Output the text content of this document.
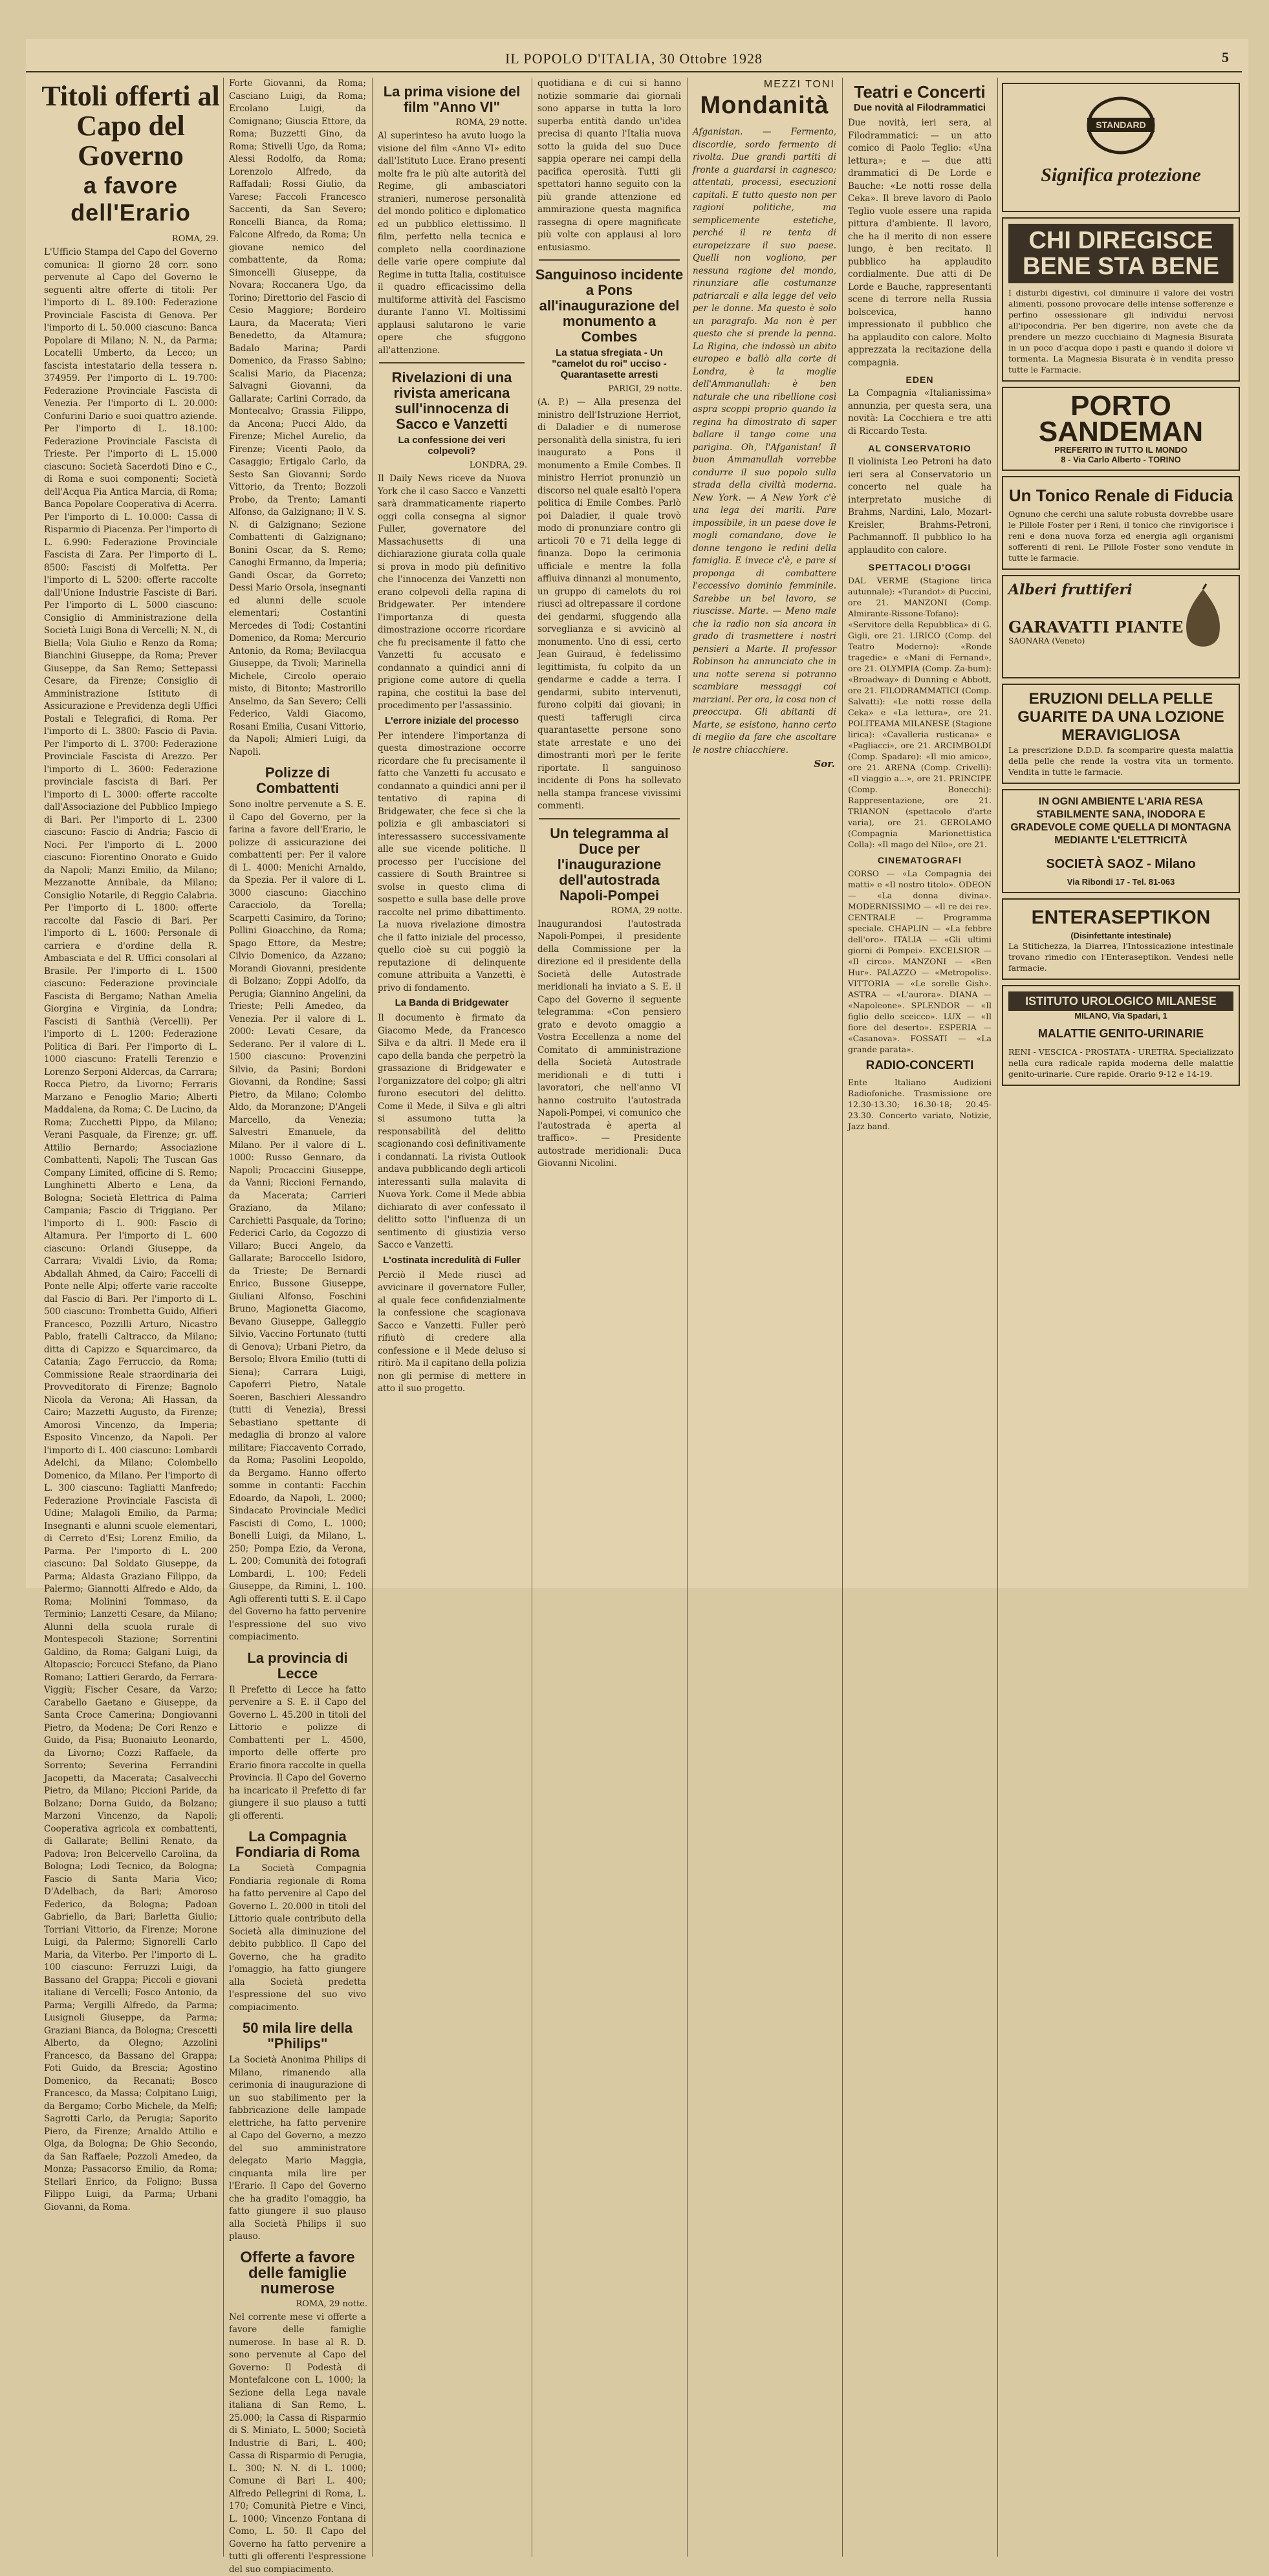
IL POPOLO D'ITALIA, 30 Ottobre 1928	5
Titoli offerti al Capo del Governo
a favore dell'Erario
ROMA, 29.
L'Ufficio Stampa del Capo del Governo comunica: Il giorno 28 corr. sono pervenute al Capo del Governo le seguenti altre offerte di titoli: Per l'importo di L. 89.100: Federazione Provinciale Fascista di Genova. Per l'importo di L. 50.000 ciascuno: Banca Popolare di Milano; N. N., da Parma; Locatelli Umberto, da Lecco; un fascista intestatario della tessera n. 374959. Per l'importo di L. 19.700: Federazione Provinciale Fascista di Venezia. Per l'importo di L. 20.000: Confurini Dario e suoi quattro aziende. Per l'importo di L. 18.100: Federazione Provinciale Fascista di Trieste. Per l'importo di L. 15.000 ciascuno: Società Sacerdoti Dino e C., di Roma e suoi componenti; Società dell'Acqua Pia Antica Marcia, di Roma; Banca Popolare Cooperativa di Acerra. Per l'importo di L. 10.000: Cassa di Risparmio di Piacenza. Per l'importo di L. 6.990: Federazione Provinciale Fascista di Zara. Per l'importo di L. 8500: Fascisti di Molfetta. Per l'importo di L. 5200: offerte raccolte dall'Unione Industrie Fasciste di Bari. Per l'importo di L. 5000 ciascuno: Consiglio di Amministrazione della Società Luigi Bona di Vercelli; N. N., di Biella; Vola Giulio e Renzo da Roma; Bianchini Giuseppe, da Roma; Prever Giuseppe, da San Remo; Settepassi Cesare, da Firenze; Consiglio di Amministrazione Istituto di Assicurazione e Previdenza degli Uffici Postali e Telegrafici, di Roma. Per l'importo di L. 3800: Fascio di Pavia. Per l'importo di L. 3700: Federazione Provinciale Fascista di Arezzo. Per l'importo di L. 3600: Federazione provinciale fascista di Bari. Per l'importo di L. 3000: offerte raccolte dall'Associazione del Pubblico Impiego di Bari. Per l'importo di L. 2300 ciascuno: Fascio di Andria; Fascio di Noci. Per l'importo di L. 2000 ciascuno: Fiorentino Onorato e Guido da Napoli; Manzi Emilio, da Milano; Mezzanotte Annibale, da Milano; Consiglio Notarile, di Reggio Calabria. Per l'importo di L. 1800: offerte raccolte dal Fascio di Bari. Per l'importo di L. 1600: Personale di carriera e d'ordine della R. Ambasciata e del R. Uffici consolari al Brasile. Per l'importo di L. 1500 ciascuno: Federazione provinciale Fascista di Bergamo; Nathan Amelia Giorgina e Virginia, da Londra; Fascisti di Santhià (Vercelli). Per l'importo di L. 1200: Federazione Politica di Bari. Per l'importo di L. 1000 ciascuno: Fratelli Terenzio e Lorenzo Serponi Aldercas, da Carrara; Rocca Pietro, da Livorno; Ferraris Marzano e Fenoglio Mario; Alberti Maddalena, da Roma; C. De Lucino, da Roma; Zucchetti Pippo, da Milano; Verani Pasquale, da Firenze; gr. uff. Attilio Bernardo; Associazione Combattenti, Napoli; The Tuscan Gas Company Limited, officine di S. Remo; Lunghinetti Alberto e Lena, da Bologna; Società Elettrica di Palma Campania; Fascio di Triggiano. Per l'importo di L. 900: Fascio di Altamura. Per l'importo di L. 600 ciascuno: Orlandi Giuseppe, da Carrara; Vivaldi Livio, da Roma; Abdallah Ahmed, da Cairo; Faccelli di Ponte nelle Alpi; offerte varie raccolte dal Fascio di Bari. Per l'importo di L. 500 ciascuno: Trombetta Guido, Alfieri Francesco, Pozzilli Arturo, Nicastro Pablo, fratelli Caltracco, da Milano; ditta di Capizzo e Squarcimarco, da Catania; Zago Ferruccio, da Roma; Commissione Reale straordinaria dei Provveditorato di Firenze; Bagnolo Nicola da Verona; Ali Hassan, da Cairo; Mazzetti Augusto, da Firenze; Amorosi Vincenzo, da Imperia; Esposito Vincenzo, da Napoli. Per l'importo di L. 400 ciascuno: Lombardi Adelchi, da Milano; Colombello Domenico, da Milano. Per l'importo di L. 300 ciascuno: Tagliatti Manfredo; Federazione Provinciale Fascista di Udine; Malagoli Emilio, da Parma; Insegnanti e alunni scuole elementari, di Cerreto d'Esi; Lorenz Emilio, da Parma. Per l'importo di L. 200 ciascuno: Dal Soldato Giuseppe, da Parma; Aldasta Graziano Filippo, da Palermo; Giannotti Alfredo e Aldo, da Roma; Molinini Tommaso, da Terminio; Lanzetti Cesare, da Milano; Alunni della scuola rurale di Montespecoli Stazione; Sorrentini Galdino, da Roma; Galgani Luigi, da Altopascio; Forcucci Stefano, da Piano Romano; Lattieri Gerardo, da Ferrara-Viggiù; Fischer Cesare, da Varzo; Carabello Gaetano e Giuseppe, da Santa Croce Camerina; Dongiovanni Pietro, da Modena; De Cori Renzo e Guido, da Pisa; Buonaiuto Leonardo, da Livorno; Cozzi Raffaele, da Sorrento; Severina Ferrandini Jacopetti, da Macerata; Casalvecchi Pietro, da Milano; Piccioni Paride, da Bolzano; Dorna Guido, da Bolzano; Marzoni Vincenzo, da Napoli; Cooperativa agricola ex combattenti, di Gallarate; Bellini Renato, da Padova; Iron Belcervello Carolina, da Bologna; Lodi Tecnico, da Bologna; Fascio di Santa Maria Vico; D'Adelbach, da Bari; Amoroso Federico, da Bologna; Padoan Gabriello, da Bari; Barletta Giulio; Torriani Vittorio, da Firenze; Morone Luigi, da Palermo; Signorelli Carlo Maria, da Viterbo. Per l'importo di L. 100 ciascuno: Ferruzzi Luigi, da Bassano del Grappa; Piccoli e giovani italiane di Vercelli; Fosco Antonio, da Parma; Vergilli Alfredo, da Parma; Lusignoli Giuseppe, da Parma; Graziani Bianca, da Bologna; Crescetti Alberto, da Olegno; Azzolini Francesco, da Bassano del Grappa; Foti Guido, da Brescia; Agostino Domenico, da Recanati; Bosco Francesco, da Massa; Colpitano Luigi, da Bergamo; Corbo Michele, da Melfi; Sagrotti Carlo, da Perugia; Saporito Piero, da Firenze; Arnaldo Attilio e Olga, da Bologna; De Ghio Secondo, da San Raffaele; Pozzoli Amedeo, da Monza; Passacorso Emilio, da Roma; Stellari Enrico, da Foligno; Bussa Filippo Luigi, da Parma; Urbani Giovanni, da Roma.
Forte Giovanni, da Roma; Casciano Luigi, da Roma; Ercolano Luigi, da Comignano; Giuscia Ettore, da Roma; Buzzetti Gino, da Roma; Stivelli Ugo, da Roma; Alessi Rodolfo, da Roma; Lorenzolo Alfredo, da Raffadali; Rossi Giulio, da Varese; Faccoli Francesco Saccenti, da San Severo; Roncelli Bianca, da Roma; Falcone Alfredo, da Roma; Un giovane nemico del combattente, da Roma; Simoncelli Giuseppe, da Novara; Roccanera Ugo, da Torino; Direttorio del Fascio di Cesio Maggiore; Bordeiro Laura, da Macerata; Vieri Benedetto, da Altamura; Badalo Marina; Pardi Domenico, da Frasso Sabino; Scalisi Mario, da Piacenza; Salvagni Giovanni, da Gallarate; Carlini Corrado, da Montecalvo; Grassia Filippo, da Ancona; Pucci Aldo, da Firenze; Michel Aurelio, da Firenze; Vicenti Paolo, da Casaggio; Ertigalo Carlo, da Sesto San Giovanni; Sordo Vittorio, da Trento; Bozzoli Probo, da Trento; Lamanti Alfonso, da Galzignano; Il V. S. N. di Galzignano; Sezione Combattenti di Galzignano; Bonini Oscar, da S. Remo; Canoghi Ermanno, da Imperia; Gandi Oscar, da Gorreto; Dessi Mario Orsola, insegnanti ed alunni delle scuole elementari; Costantini Mercedes di Todi; Costantini Domenico, da Roma; Mercurio Antonio, da Roma; Bevilacqua Giuseppe, da Tivoli; Marinella Michele, Circolo operaio misto, di Bitonto; Mastrorillo Anselmo, da San Severo; Celli Federico, Valdi Giacomo, Rosani Emilia, Cusani Vittorio, da Napoli; Almieri Luigi, da Napoli.
Polizze di Combattenti
Sono inoltre pervenute a S. E. il Capo del Governo, per la farina a favore dell'Erario, le polizze di assicurazione dei combattenti per: Per il valore di L. 4000: Menichi Arnaldo, da Spezia. Per il valore di L. 3000 ciascuno: Giacchino Caracciolo, da Torella; Scarpetti Casimiro, da Torino; Pollini Gioacchino, da Roma; Spago Ettore, da Mestre; Cilvio Domenico, da Azzano; Morandi Giovanni, presidente di Bolzano; Zoppi Adolfo, da Perugia; Giannino Angelini, da Trieste; Pelli Amedeo, da Venezia. Per il valore di L. 2000: Levati Cesare, da Sederano. Per il valore di L. 1500 ciascuno: Provenzini Silvio, da Pasini; Bordoni Giovanni, da Rondine; Sassi Pietro, da Milano; Colombo Aldo, da Moranzone; D'Angeli Marcello, da Venezia; Salvestri Emanuele, da Milano. Per il valore di L. 1000: Russo Gennaro, da Napoli; Procaccini Giuseppe, da Vanni; Riccioni Fernando, da Macerata; Carrieri Graziano, da Milano; Carchietti Pasquale, da Torino; Federici Carlo, da Cogozzo di Villaro; Bucci Angelo, da Gallarate; Baroccello Isidoro, da Trieste; De Bernardi Enrico, Bussone Giuseppe, Giuliani Alfonso, Foschini Bruno, Magionetta Giacomo, Bevano Giuseppe, Galleggio Silvio, Vaccino Fortunato (tutti di Genova); Urbani Pietro, da Bersolo; Elvora Emilio (tutti di Siena); Carrara Luigi, Capoferri Pietro, Natale Soeren, Baschieri Alessandro (tutti di Venezia), Bressi Sebastiano spettante di medaglia di bronzo al valore militare; Fiaccavento Corrado, da Roma; Pasolini Leopoldo, da Bergamo. Hanno offerto somme in contanti: Facchin Edoardo, da Napoli, L. 2000; Sindacato Provinciale Medici Fascisti di Como, L. 1000; Bonelli Luigi, da Milano, L. 250; Pompa Ezio, da Verona, L. 200; Comunità dei fotografi Lombardi, L. 100; Fedeli Giuseppe, da Rimini, L. 100. Agli offerenti tutti S. E. il Capo del Governo ha fatto pervenire l'espressione del suo vivo compiacimento.
La provincia di Lecce
Il Prefetto di Lecce ha fatto pervenire a S. E. il Capo del Governo L. 45.200 in titoli del Littorio e polizze di Combattenti per L. 4500, importo delle offerte pro Erario finora raccolte in quella Provincia. Il Capo del Governo ha incaricato il Prefetto di far giungere il suo plauso a tutti gli offerenti.
La Compagnia Fondiaria di Roma
La Società Compagnia Fondiaria regionale di Roma ha fatto pervenire al Capo del Governo L. 20.000 in titoli del Littorio quale contributo della Società alla diminuzione del debito pubblico. Il Capo del Governo, che ha gradito l'omaggio, ha fatto giungere alla Società predetta l'espressione del suo vivo compiacimento.
50 mila lire della "Philips"
La Società Anonima Philips di Milano, rimanendo alla cerimonia di inaugurazione di un suo stabilimento per la fabbricazione delle lampade elettriche, ha fatto pervenire al Capo del Governo, a mezzo del suo amministratore delegato Mario Maggia, cinquanta mila lire per l'Erario. Il Capo del Governo che ha gradito l'omaggio, ha fatto giungere il suo plauso alla Società Philips il suo plauso.
Offerte a favore delle famiglie numerose
ROMA, 29 notte.
Nel corrente mese vi offerte a favore delle famiglie numerose. In base al R. D. sono pervenute al Capo del Governo: Il Podestà di Montefalcone con L. 1000; la Sezione della Lega navale italiana di San Remo, L. 25.000; la Cassa di Risparmio di S. Miniato, L. 5000; Società Industrie di Bari, L. 400; Cassa di Risparmio di Perugia, L. 300; N. N. di L. 1000; Comune di Bari L. 400; Alfredo Pellegrini di Roma, L. 170; Comunità Pietre e Vinci, L. 1000; Vincenzo Fontana di Como, L. 50. Il Capo del Governo ha fatto pervenire a tutti gli offerenti l'espressione del suo compiacimento.
La prima visione del film "Anno VI"
ROMA, 29 notte.
Al superinteso ha avuto luogo la visione del film «Anno VI» edito dall'Istituto Luce. Erano presenti molte fra le più alte autorità del Regime, gli ambasciatori stranieri, numerose personalità del mondo politico e diplomatico ed un pubblico elettissimo. Il film, perfetto nella tecnica e completo nella coordinazione delle varie opere compiute dal Regime in tutta Italia, costituisce il quadro efficacissimo della multiforme attività del Fascismo durante l'anno VI. Moltissimi applausi salutarono le varie opere che sfuggono all'attenzione.
Rivelazioni di una rivista americana sull'innocenza di Sacco e Vanzetti
La confessione dei veri colpevoli?
LONDRA, 29.
Il Daily News riceve da Nuova York che il caso Sacco e Vanzetti sarà drammaticamente riaperto oggi colla consegna al signor Fuller, governatore del Massachusetts di una dichiarazione giurata colla quale si prova in modo più definitivo che l'innocenza dei Vanzetti non erano colpevoli della rapina di Bridgewater. Per intendere l'importanza di questa dimostrazione occorre ricordare che fu precisamente il fatto che Vanzetti fu accusato e condannato a quindici anni di prigione come autore di quella rapina, che costituì la base del procedimento per l'assassinio.
L'errore iniziale del processo
Per intendere l'importanza di questa dimostrazione occorre ricordare che fu precisamente il fatto che Vanzetti fu accusato e condannato a quindici anni per il tentativo di rapina di Bridgewater, che fece sì che la polizia e gli ambasciatori si interessassero successivamente alle sue vicende politiche. Il processo per l'uccisione del cassiere di South Braintree si svolse in questo clima di sospetto e sulla base delle prove raccolte nel primo dibattimento. La nuova rivelazione dimostra che il fatto iniziale del processo, quello cioè su cui poggiò la reputazione di delinquente comune attribuita a Vanzetti, è privo di fondamento.
La Banda di Bridgewater
Il documento è firmato da Giacomo Mede, da Francesco Silva e da altri. Il Mede era il capo della banda che perpetrò la grassazione di Bridgewater e l'organizzatore del colpo; gli altri furono esecutori del delitto. Come il Mede, il Silva e gli altri si assumono tutta la responsabilità del delitto scagionando così definitivamente i condannati. La rivista Outlook andava pubblicando degli articoli interessanti sulla malavita di Nuova York. Come il Mede abbia dichiarato di aver confessato il delitto sotto l'influenza di un sentimento di giustizia verso Sacco e Vanzetti.
L'ostinata incredulità di Fuller
Perciò il Mede riuscì ad avvicinare il governatore Fuller, al quale fece confidenzialmente la confessione che scagionava Sacco e Vanzetti. Fuller però rifiutò di credere alla confessione e il Mede deluso si ritirò. Ma il capitano della polizia non gli permise di mettere in atto il suo progetto.
quotidiana e di cui si hanno notizie sommarie dai giornali sono apparse in tutta la loro superba entità dando un'idea precisa di quanto l'Italia nuova sotto la guida del suo Duce sappia operare nei campi della pacifica operosità. Tutti gli spettatori hanno seguito con la più grande attenzione ed ammirazione questa magnifica rassegna di opere magnificate più volte con applausi al loro entusiasmo.
Sanguinoso incidente a Pons all'inaugurazione del monumento a Combes
La statua sfregiata - Un "camelot du roi" ucciso - Quarantasette arresti
PARIGI, 29 notte.
(A. P.) — Alla presenza del ministro dell'Istruzione Herriot, di Daladier e di numerose personalità della sinistra, fu ieri inaugurato a Pons il monumento a Emile Combes. Il ministro Herriot pronunziò un discorso nel quale esaltò l'opera politica di Emile Combes. Parlò poi Daladier, il quale trovò modo di pronunziare contro gli articoli 70 e 71 della legge di finanza. Dopo la cerimonia ufficiale e mentre la folla affluiva dinnanzi al monumento, un gruppo di camelots du roi riuscì ad oltrepassare il cordone dei gendarmi, sfuggendo alla sorveglianza e si avvicinò al monumento. Uno di essi, certo Jean Guiraud, è fedelissimo legittimista, fu colpito da un gendarme e cadde a terra. I gendarmi, subito intervenuti, furono colpiti dai giovani; in questi tafferugli circa quarantasette persone sono state arrestate e uno dei dimostranti morì per le ferite riportate. Il sanguinoso incidente di Pons ha sollevato nella stampa francese vivissimi commenti.
Un telegramma al Duce per l'inaugurazione dell'autostrada Napoli-Pompei
ROMA, 29 notte.
Inaugurandosi l'autostrada Napoli-Pompei, il presidente della Commissione per la direzione ed il presidente della Società delle Autostrade meridionali ha inviato a S. E. il Capo del Governo il seguente telegramma: «Con pensiero grato e devoto omaggio a Vostra Eccellenza a nome del Comitato di amministrazione della Società Autostrade meridionali e di tutti i lavoratori, che nell'anno VI hanno costruito l'autostrada Napoli-Pompei, vi comunico che l'autostrada è aperta al traffico». — Presidente autostrade meridionali: Duca Giovanni Nicolini.
MEZZI TONI
Mondanità
Afganistan. — Fermento, discordie, sordo fermento di rivolta. Due grandi partiti di fronte a guardarsi in cagnesco; attentati, processi, esecuzioni capitali. E tutto questo non per ragioni politiche, ma semplicemente estetiche, perché il re tenta di europeizzare il suo paese. Quelli non vogliono, per nessuna ragione del mondo, rinunziare alle costumanze patriarcali e alla legge del velo per le donne. Ma questo è solo un paragrafo. Ma non è per questo che si prende la penna. La Rigina, che indossò un abito europeo e ballò alla corte di Londra, è la moglie dell'Ammanullah: è ben naturale che una ribellione così aspra scoppi proprio quando la regina ha dimostrato di saper ballare il tango come una parigina. Oh, l'Afganistan! Il buon Ammanullah vorrebbe condurre il suo popolo sulla strada della civiltà moderna. New York. — A New York c'è una lega dei mariti. Pare impossibile, in un paese dove le mogli comandano, dove le donne tengono le redini della famiglia. E invece c'è, e pare si proponga di combattere l'eccessivo dominio femminile. Sarebbe un bel lavoro, se riuscisse. Marte. — Meno male che la radio non sia ancora in grado di trasmettere i nostri pensieri a Marte. Il professor Robinson ha annunciato che in una notte serena si potranno scambiare messaggi coi marziani. Per ora, la cosa non ci preoccupa. Gli abitanti di Marte, se esistono, hanno certo di meglio da fare che ascoltare le nostre chiacchiere.
Sor.
Teatri e Concerti
Due novità al Filodrammatici
Due novità, ieri sera, al Filodrammatici: — un atto comico di Paolo Teglio: «Una lettura»; e — due atti drammatici di De Lorde e Bauche: «Le notti rosse della Ceka». Il breve lavoro di Paolo Teglio vuole essere una rapida pittura d'ambiente. Il lavoro, che ha il merito di non essere lungo, è ben recitato. Il pubblico ha applaudito cordialmente. Due atti di De Lorde e Bauche, rappresentanti scene di terrore nella Russia bolscevica, hanno impressionato il pubblico che ha applaudito con calore. Molto apprezzata la recitazione della compagnia.
EDEN
La Compagnia «Italianissima» annunzia, per questa sera, una novità: La Cocchiera e tre atti di Riccardo Testa.
AL CONSERVATORIO
Il violinista Leo Petroni ha dato ieri sera al Conservatorio un concerto nel quale ha interpretato musiche di Brahms, Nardini, Lalo, Mozart-Kreisler, Brahms-Petroni, Pachmannoff. Il pubblico lo ha applaudito con calore.
SPETTACOLI D'OGGI
DAL VERME (Stagione lirica autunnale): «Turandot» di Puccini, ore 21. MANZONI (Comp. Almirante-Rissone-Tofano): «Servitore della Repubblica» di G. Gigli, ore 21. LIRICO (Comp. del Teatro Moderno): «Ronde tragedie» e «Mani di Fernand», ore 21. OLYMPIA (Comp. Za-bum): «Broadway» di Dunning e Abbott, ore 21. FILODRAMMATICI (Comp. Salvatti): «Le notti rosse della Ceka» e «La lettura», ore 21. POLITEAMA MILANESE (Stagione lirica): «Cavalleria rusticana» e «Pagliacci», ore 21. ARCIMBOLDI (Comp. Spadaro): «Il mio amico», ore 21. ARENA (Comp. Crivelli): «Il viaggio a...», ore 21. PRINCIPE (Comp. Bonecchi): Rappresentazione, ore 21. TRIANON (spettacolo d'arte varia), ore 21. GEROLAMO (Compagnia Marionettistica Colla): «Il mago del Nilo», ore 21.
CINEMATOGRAFI
CORSO — «La Compagnia dei matti» e «Il nostro titolo». ODEON — «La donna divina». MODERNISSIMO — «Il re dei re». CENTRALE — Programma speciale. CHAPLIN — «La febbre dell'oro». ITALIA — «Gli ultimi giorni di Pompei». EXCELSIOR — «Il circo». MANZONI — «Ben Hur». PALAZZO — «Metropolis». VITTORIA — «Le sorelle Gish». ASTRA — «L'aurora». DIANA — «Napoleone». SPLENDOR — «Il figlio dello sceicco». LUX — «Il fiore del deserto». ESPERIA — «Casanova». FOSSATI — «La grande parata».
RADIO-CONCERTI
Ente Italiano Audizioni Radiofoniche. Trasmissione ore 12.30-13.30; 16.30-18; 20.45-23.30. Concerto variato, Notizie, Jazz band.
STANDARD
Significa protezione
CHI DIREGISCE BENE STA BENE
I disturbi digestivi, col diminuire il valore dei vostri alimenti, possono provocare delle intense sofferenze e perfino ossessionare gli individui nervosi all'ipocondria. Per ben digerire, non avete che da prendere un mezzo cucchiaino di Magnesia Bisurata in un poco d'acqua dopo i pasti e quando il dolore vi tormenta. La Magnesia Bisurata è in vendita presso tutte le Farmacie.
PORTO SANDEMAN
PREFERITO IN TUTTO IL MONDO
8 - Via Carlo Alberto - TORINO
Un Tonico Renale di Fiducia
Ognuno che cerchi una salute robusta dovrebbe usare le Pillole Foster per i Reni, il tonico che rinvigorisce i reni e dona nuova forza ed energia agli organismi sofferenti di reni. Le Pillole Foster sono vendute in tutte le farmacie.
Alberi fruttiferi
GARAVATTI PIANTE
SAONARA (Veneto)
ERUZIONI DELLA PELLE GUARITE DA UNA LOZIONE MERAVIGLIOSA
La prescrizione D.D.D. fa scomparire questa malattia della pelle che rende la vostra vita un tormento. Vendita in tutte le farmacie.
IN OGNI AMBIENTE L'ARIA RESA STABILMENTE SANA, INODORA E GRADEVOLE COME QUELLA DI MONTAGNA MEDIANTE L'ELETTRICITÀ
SOCIETÀ SAOZ - Milano
Via Ribondi 17 - Tel. 81-063
ENTERASEPTIKON
(Disinfettante intestinale)
La Stitichezza, la Diarrea, l'Intossicazione intestinale trovano rimedio con l'Enteraseptikon. Vendesi nelle farmacie.
ISTITUTO UROLOGICO MILANESE
MILANO, Via Spadari, 1
MALATTIE GENITO-URINARIE
RENI - VESCICA - PROSTATA - URETRA. Specializzato nella cura radicale rapida moderna delle malattie genito-urinarie. Cure rapide. Orario 9-12 e 14-19.
